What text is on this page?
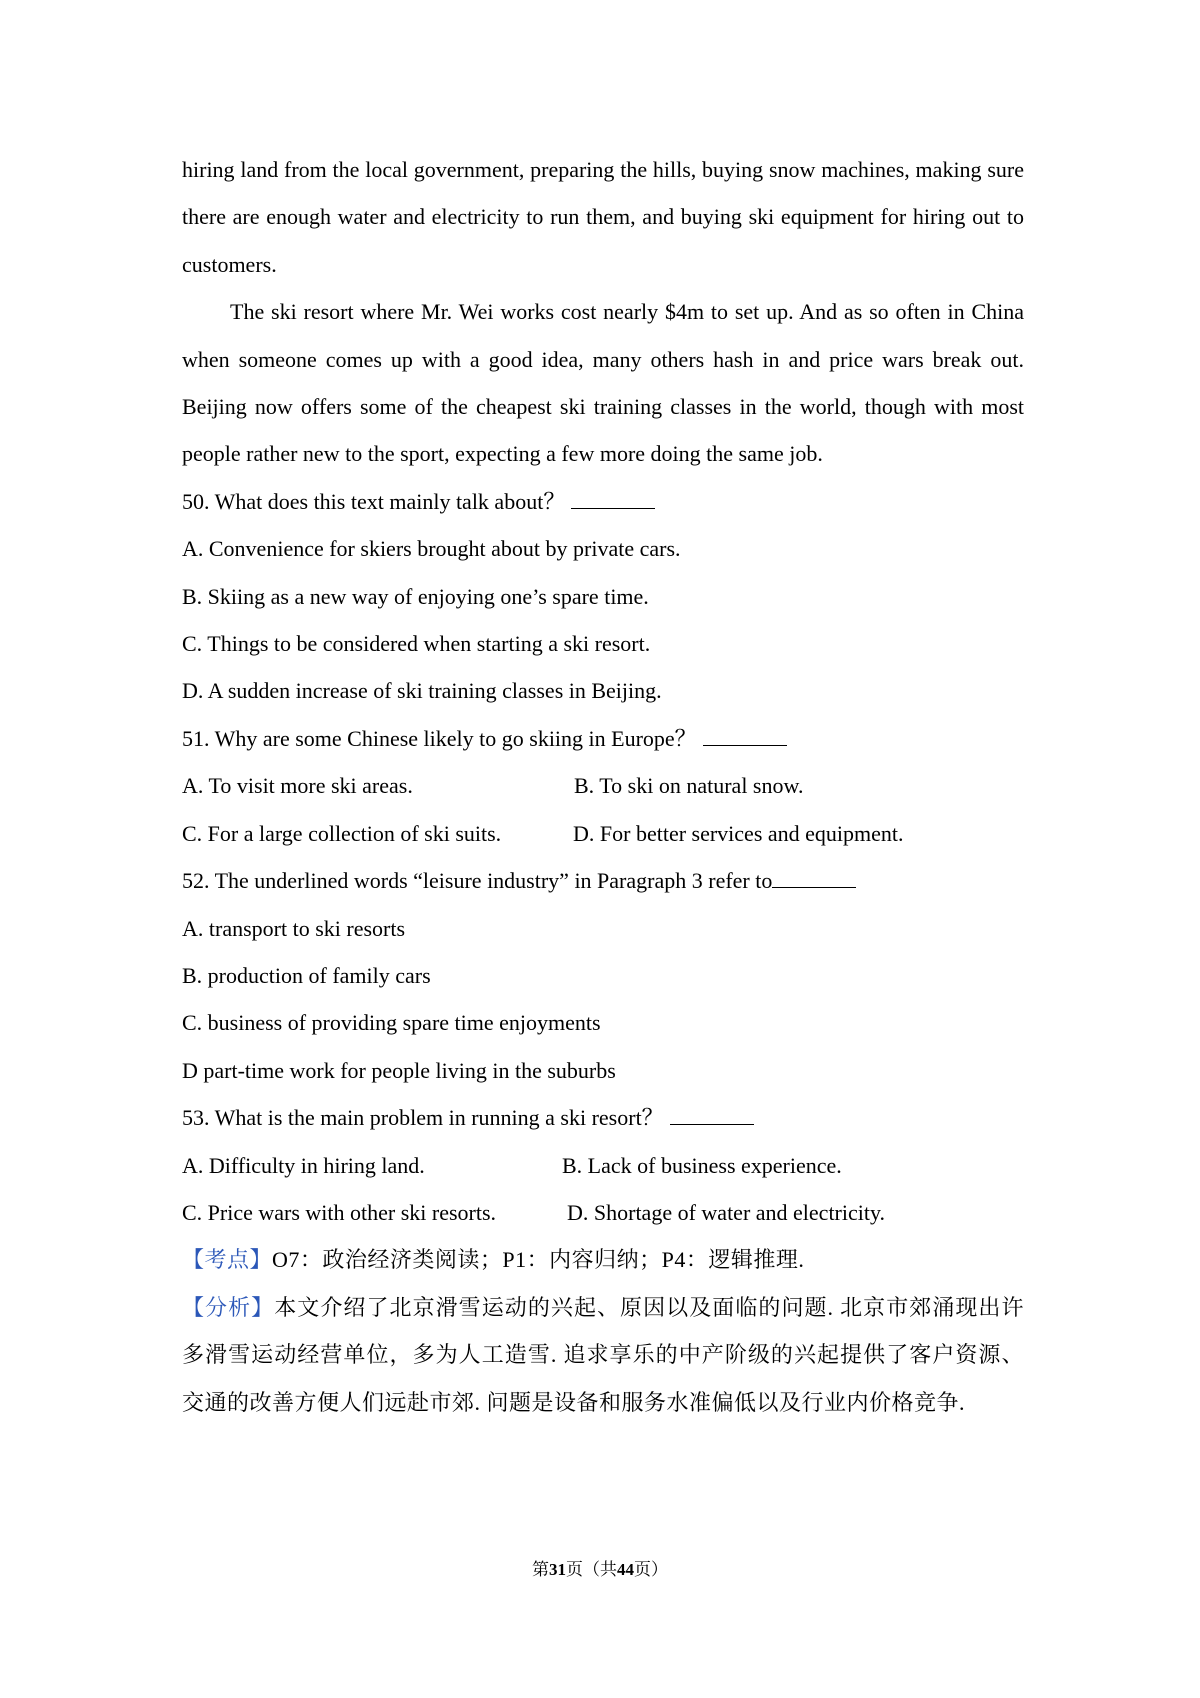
hiring land from the local government, preparing the hills, buying snow machines, making sure there are enough water and electricity to run them, and buying ski equipment for hiring out to customers.

The ski resort where Mr. Wei works cost nearly $4m to set up. And as so often in China when someone comes up with a good idea, many others hash in and price wars break out. Beijing now offers some of the cheapest ski training classes in the world, though with most people rather new to the sport, expecting a few more doing the same job.

50. What does this text mainly talk about？

A. Convenience for skiers brought about by private cars.

B. Skiing as a new way of enjoying one’s spare time.

C. Things to be considered when starting a ski resort.

D. A sudden increase of ski training classes in Beijing.

51. Why are some Chinese likely to go skiing in Europe？

A. To visit more ski areas.	B. To ski on natural snow.
C. For a large collection of ski suits.	D. For better services and equipment.

52. The underlined words “leisure industry” in Paragraph 3 refer to

A. transport to ski resorts

B. production of family cars

C. business of providing spare time enjoyments

D part-time work for people living in the suburbs

53. What is the main problem in running a ski resort？

A. Difficulty in hiring land.	B. Lack of business experience.
C. Price wars with other ski resorts.	D. Shortage of water and electricity.

【考点】O7：政治经济类阅读；P1：内容归纳；P4：逻辑推理.

【分析】本文介绍了北京滑雪运动的兴起、原因以及面临的问题. 北京市郊涌现出许多滑雪运动经营单位，多为人工造雪. 追求享乐的中产阶级的兴起提供了客户资源、交通的改善方便人们远赴市郊. 问题是设备和服务水准偏低以及行业内价格竞争.

第31页（共44页）
